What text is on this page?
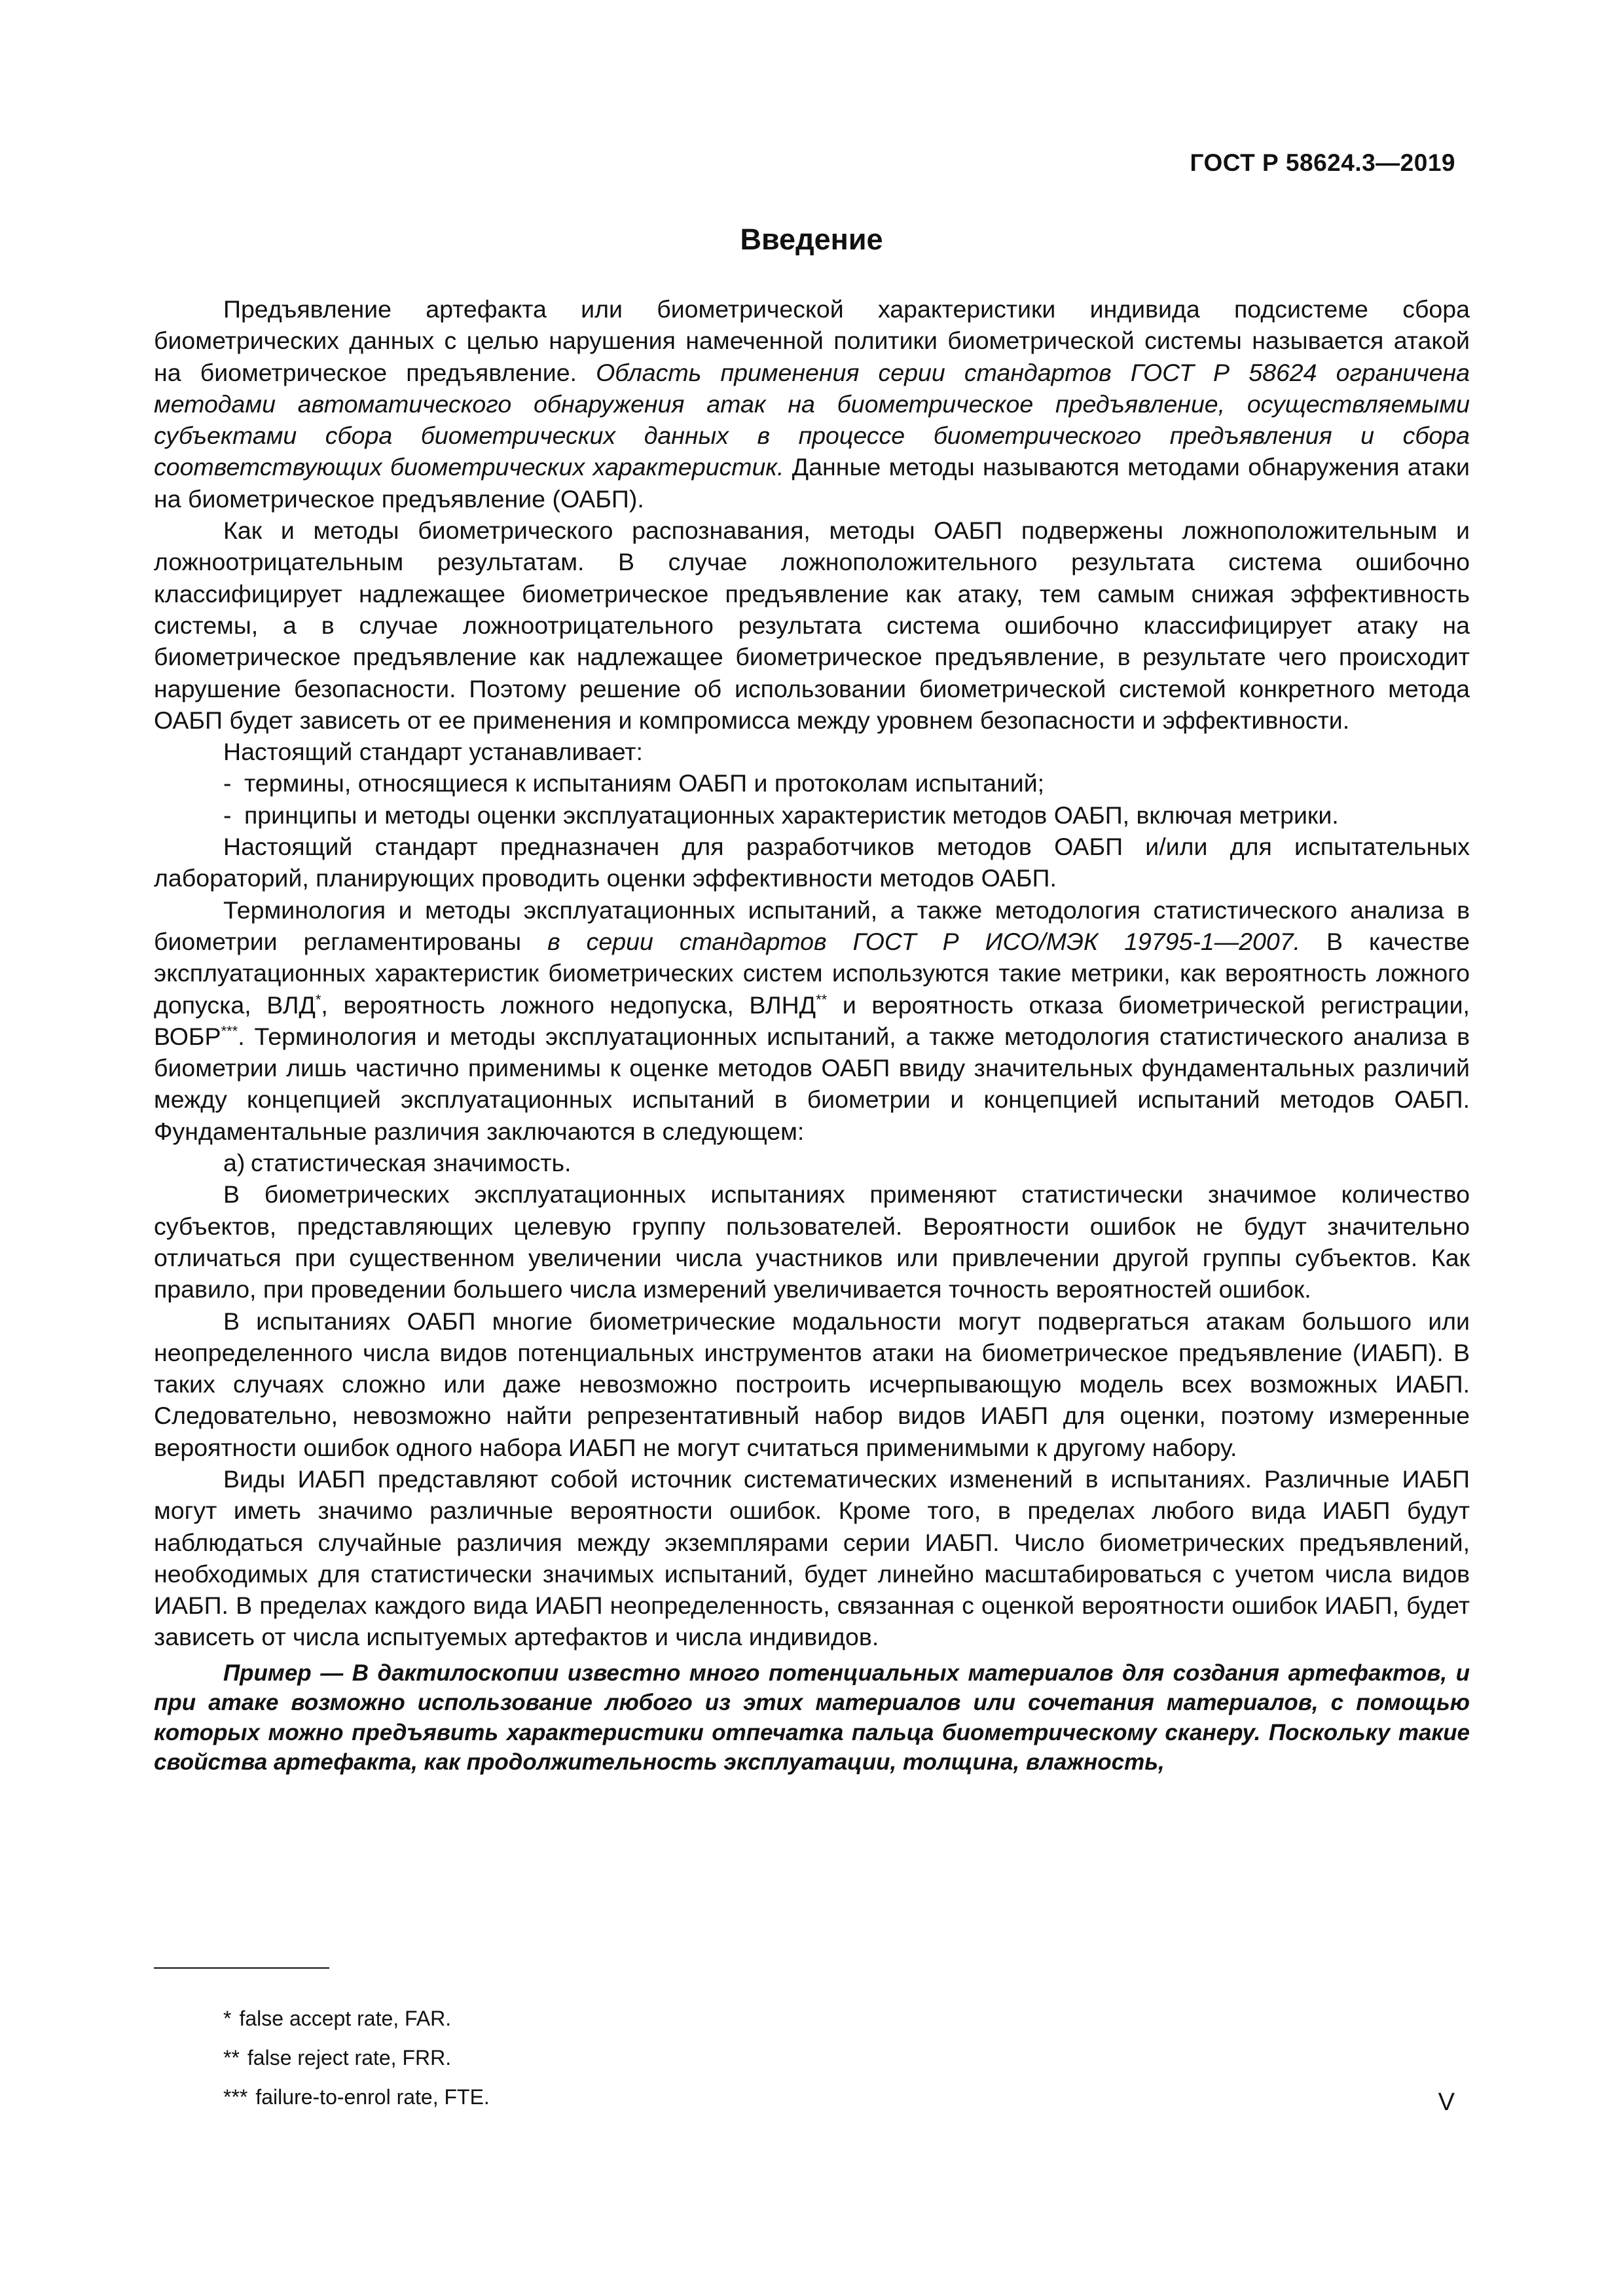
ГОСТ Р 58624.3—2019
Введение

Предъявление артефакта или биометрической характеристики индивида подсистеме сбора биометрических данных с целью нарушения намеченной политики биометрической системы называется атакой на биометрическое предъявление. Область применения серии стандартов ГОСТ Р 58624 ограничена методами автоматического обнаружения атак на биометрическое предъявление, осуществляемыми субъектами сбора биометрических данных в процессе биометрического предъявления и сбора соответствующих биометрических характеристик. Данные методы называются методами обнаружения атаки на биометрическое предъявление (ОАБП).

Как и методы биометрического распознавания, методы ОАБП подвержены ложноположительным и ложноотрицательным результатам. В случае ложноположительного результата система ошибочно классифицирует надлежащее биометрическое предъявление как атаку, тем самым снижая эффективность системы, а в случае ложноотрицательного результата система ошибочно классифицирует атаку на биометрическое предъявление как надлежащее биометрическое предъявление, в результате чего происходит нарушение безопасности. Поэтому решение об использовании биометрической системой конкретного метода ОАБП будет зависеть от ее применения и компромисса между уровнем безопасности и эффективности.

Настоящий стандарт устанавливает:

- термины, относящиеся к испытаниям ОАБП и протоколам испытаний;
- принципы и методы оценки эксплуатационных характеристик методов ОАБП, включая метрики.

Настоящий стандарт предназначен для разработчиков методов ОАБП и/или для испытательных лабораторий, планирующих проводить оценки эффективности методов ОАБП.

Терминология и методы эксплуатационных испытаний, а также методология статистического анализа в биометрии регламентированы в серии стандартов ГОСТ Р ИСО/МЭК 19795-1—2007. В качестве эксплуатационных характеристик биометрических систем используются такие метрики, как вероятность ложного допуска, ВЛД*, вероятность ложного недопуска, ВЛНД** и вероятность отказа биометрической регистрации, ВОБР***. Терминология и методы эксплуатационных испытаний, а также методология статистического анализа в биометрии лишь частично применимы к оценке методов ОАБП ввиду значительных фундаментальных различий между концепцией эксплуатационных испытаний в биометрии и концепцией испытаний методов ОАБП. Фундаментальные различия заключаются в следующем:

а) статистическая значимость.

В биометрических эксплуатационных испытаниях применяют статистически значимое количество субъектов, представляющих целевую группу пользователей. Вероятности ошибок не будут значительно отличаться при существенном увеличении числа участников или привлечении другой группы субъектов. Как правило, при проведении большего числа измерений увеличивается точность вероятностей ошибок.

В испытаниях ОАБП многие биометрические модальности могут подвергаться атакам большого или неопределенного числа видов потенциальных инструментов атаки на биометрическое предъявление (ИАБП). В таких случаях сложно или даже невозможно построить исчерпывающую модель всех возможных ИАБП. Следовательно, невозможно найти репрезентативный набор видов ИАБП для оценки, поэтому измеренные вероятности ошибок одного набора ИАБП не могут считаться применимыми к другому набору.

Виды ИАБП представляют собой источник систематических изменений в испытаниях. Различные ИАБП могут иметь значимо различные вероятности ошибок. Кроме того, в пределах любого вида ИАБП будут наблюдаться случайные различия между экземплярами серии ИАБП. Число биометрических предъявлений, необходимых для статистически значимых испытаний, будет линейно масштабироваться с учетом числа видов ИАБП. В пределах каждого вида ИАБП неопределенность, связанная с оценкой вероятности ошибок ИАБП, будет зависеть от числа испытуемых артефактов и числа индивидов.

Пример — В дактилоскопии известно много потенциальных материалов для создания артефактов, и при атаке возможно использование любого из этих материалов или сочетания материалов, с помощью которых можно предъявить характеристики отпечатка пальца биометрическому сканеру. Поскольку такие свойства артефакта, как продолжительность эксплуатации, толщина, влажность,

* false accept rate, FAR.

** false reject rate, FRR.

*** failure-to-enrol rate, FTE.	V
